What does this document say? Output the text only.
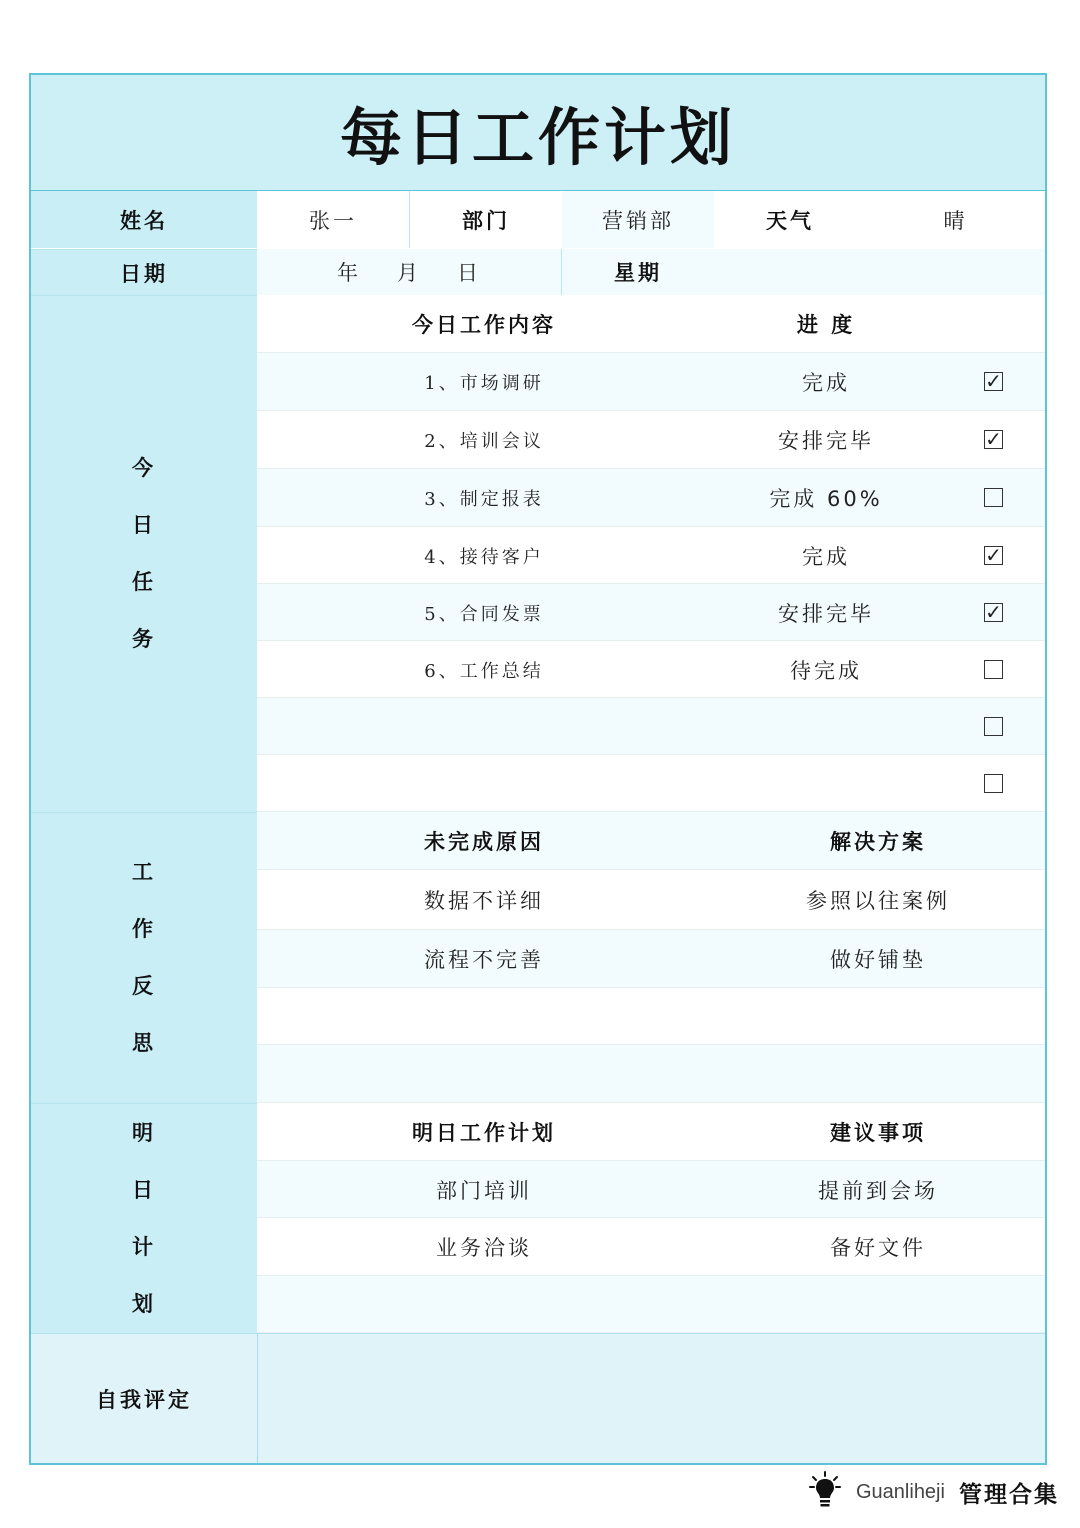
每日工作计划
姓名	张一	部门	营销部	天气	晴
日期	年 月 日	星期
今
日
任
务
今日工作内容	进 度
1、市场调研	完成	✓
2、培训会议	安排完毕	✓
3、制定报表	完成 60%
4、接待客户	完成	✓
5、合同发票	安排完毕	✓
6、工作总结	待完成
工
作
反
思
未完成原因	解决方案
数据不详细	参照以往案例
流程不完善	做好铺垫
明
日
计
划
明日工作计划	建议事项
部门培训	提前到会场
业务洽谈	备好文件
自我评定
Guanliheji 管理合集
